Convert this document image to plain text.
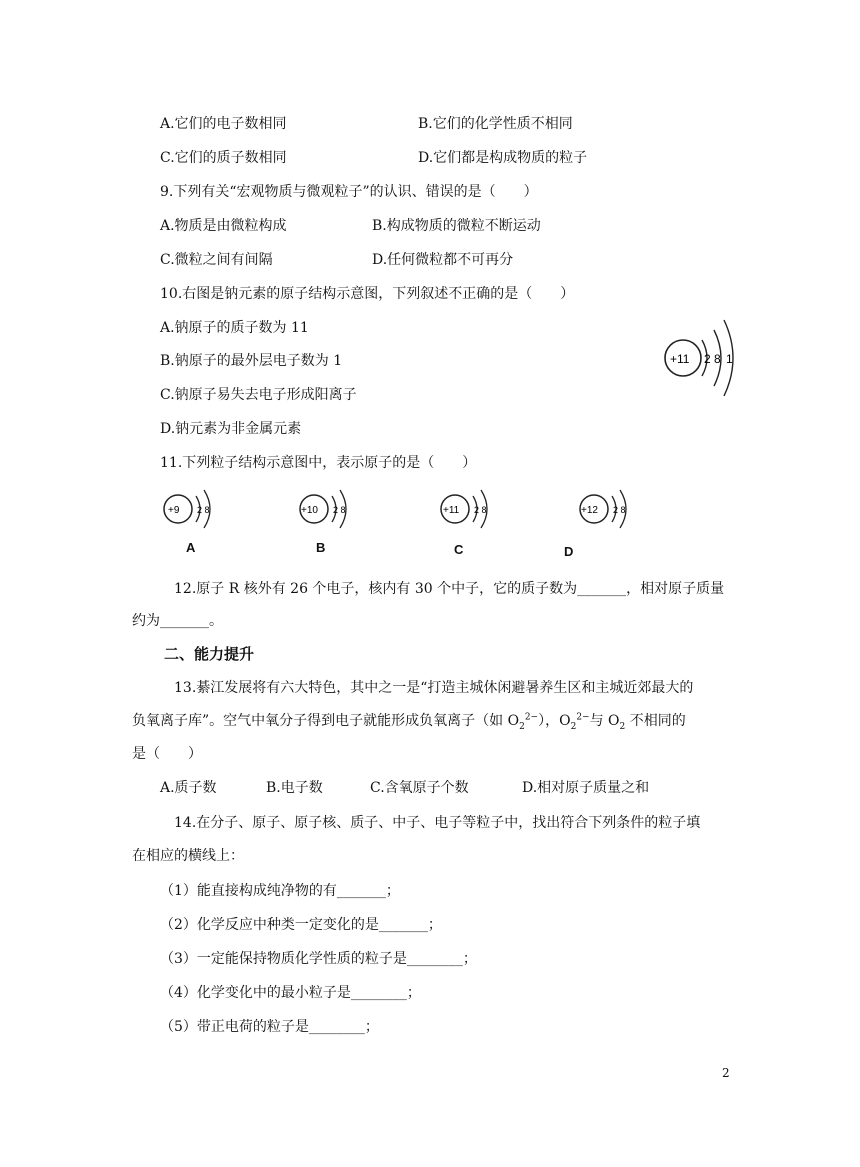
A.它们的电子数相同	B.它们的化学性质不相同
C.它们的质子数相同	D.它们都是构成物质的粒子
9.下列有关“宏观物质与微观粒子”的认识、错误的是（　　）
A.物质是由微粒构成	B.构成物质的微粒不断运动
C.微粒之间有间隔	D.任何微粒都不可再分
10.右图是钠元素的原子结构示意图，下列叙述不正确的是（　　）
A.钠原子的质子数为 11
B.钠原子的最外层电子数为 1
C.钠原子易失去电子形成阳离子
D.钠元素为非金属元素
+11 2 8 1
11.下列粒子结构示意图中，表示原子的是（　　）
+9 2 8
A
+10 2 8
B
+11 2 8
C
+12 2 8
D
12.原子 R 核外有 26 个电子，核内有 30 个中子，它的质子数为_______，相对原子质量
约为_______。
二、能力提升
13.綦江发展将有六大特色，其中之一是“打造主城休闲避暑养生区和主城近郊最大的
负氧离子库”。空气中氧分子得到电子就能形成负氧离子（如 $O_2^{2-}$），$O_2^{2-}$与 $O_2$ 不相同的
是（　　）
A.质子数	B.电子数	C.含氧原子个数	D.相对原子质量之和
14.在分子、原子、原子核、质子、中子、电子等粒子中，找出符合下列条件的粒子填
在相应的横线上：
（1）能直接构成纯净物的有_______；
（2）化学反应中种类一定变化的是_______；
（3）一定能保持物质化学性质的粒子是________；
（4）化学变化中的最小粒子是________；
（5）带正电荷的粒子是________；
2
